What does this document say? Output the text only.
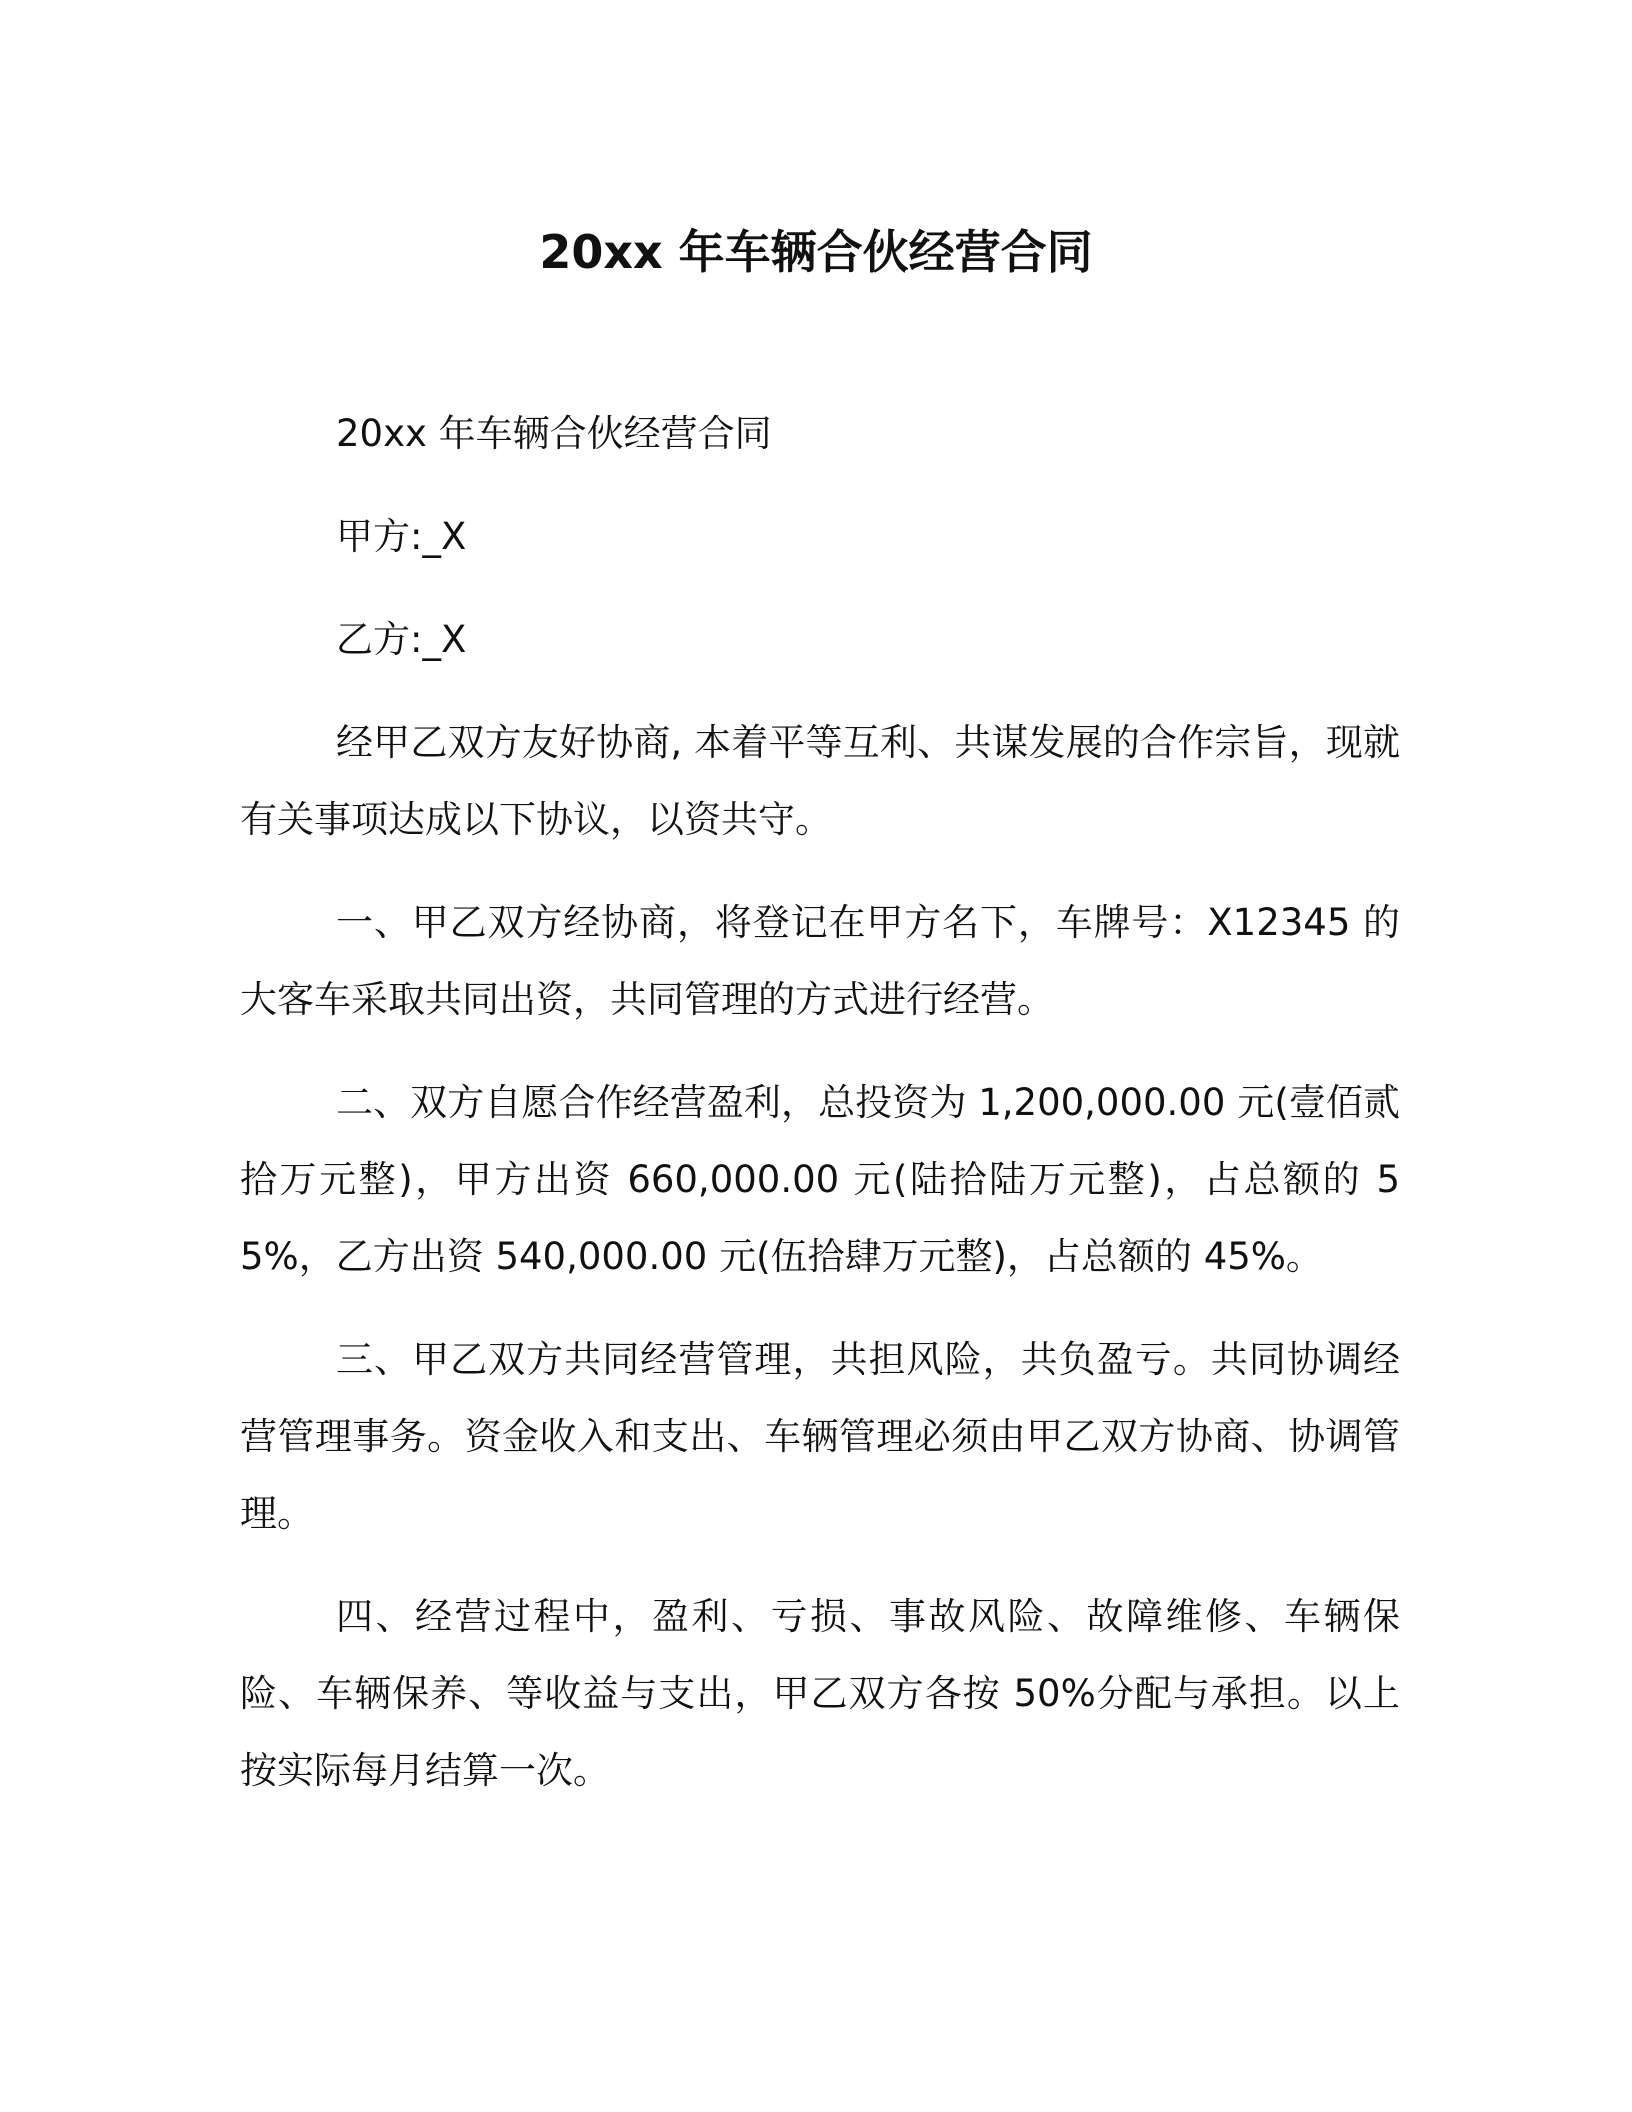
20xx 年车辆合伙经营合同

20xx 年车辆合伙经营合同

甲方:_X

乙方:_X

经甲乙双方友好协商, 本着平等互利、共谋发展的合作宗旨，现就有关事项达成以下协议，以资共守。

一、甲乙双方经协商，将登记在甲方名下，车牌号：X12345 的大客车采取共同出资，共同管理的方式进行经营。

二、双方自愿合作经营盈利，总投资为 1,200,000.00 元(壹佰贰拾万元整)，甲方出资 660,000.00 元(陆拾陆万元整)，占总额的 55%，乙方出资 540,000.00 元(伍拾肆万元整)，占总额的 45%。

三、甲乙双方共同经营管理，共担风险，共负盈亏。共同协调经营管理事务。资金收入和支出、车辆管理必须由甲乙双方协商、协调管理。

四、经营过程中，盈利、亏损、事故风险、故障维修、车辆保险、车辆保养、等收益与支出，甲乙双方各按 50%分配与承担。以上按实际每月结算一次。
